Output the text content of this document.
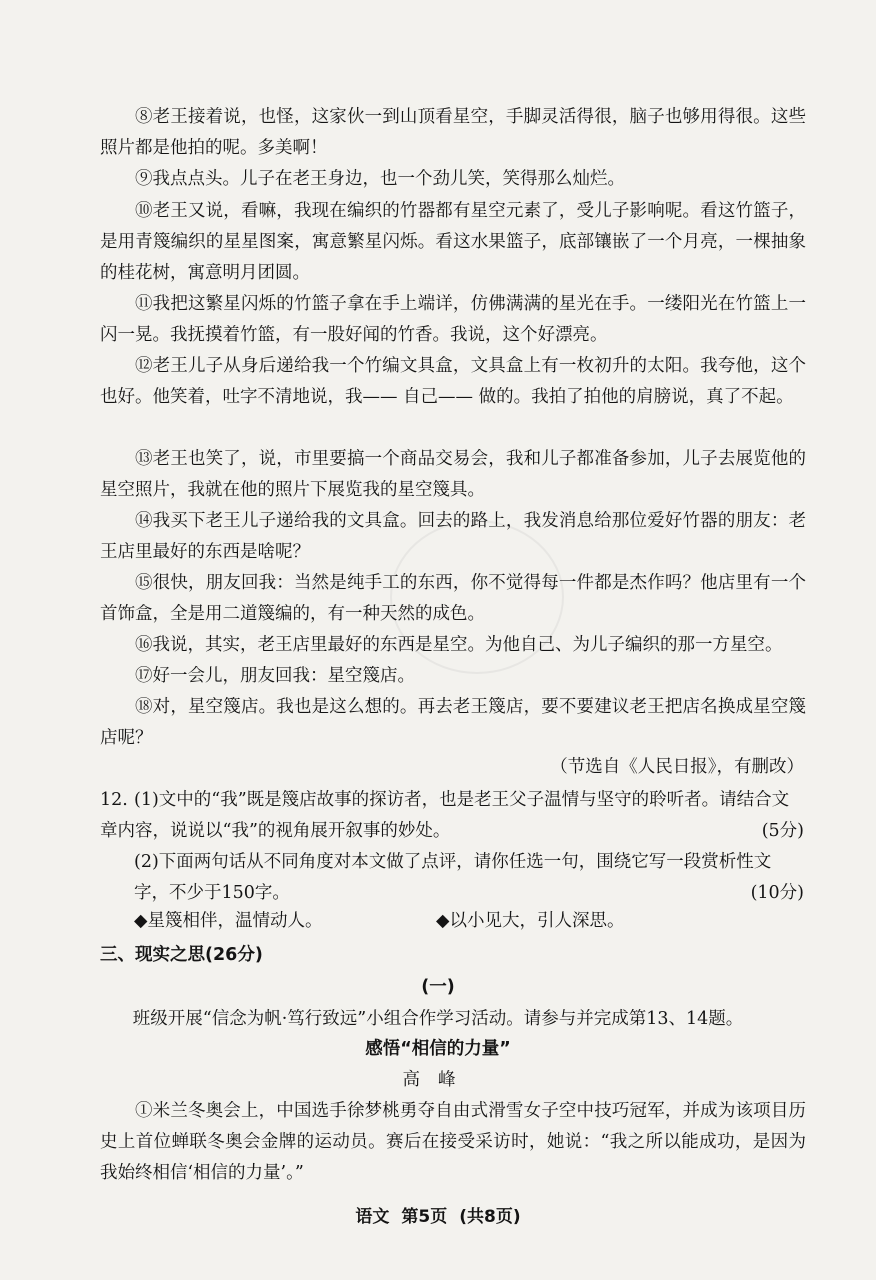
⑧老王接着说，也怪，这家伙一到山顶看星空，手脚灵活得很，脑子也够用得很。这些照片都是他拍的呢。多美啊！

⑨我点点头。儿子在老王身边，也一个劲儿笑，笑得那么灿烂。

⑩老王又说，看嘛，我现在编织的竹器都有星空元素了，受儿子影响呢。看这竹篮子，是用青篾编织的星星图案，寓意繁星闪烁。看这水果篮子，底部镶嵌了一个月亮，一棵抽象的桂花树，寓意明月团圆。

⑪我把这繁星闪烁的竹篮子拿在手上端详，仿佛满满的星光在手。一缕阳光在竹篮上一闪一晃。我抚摸着竹篮，有一股好闻的竹香。我说，这个好漂亮。

⑫老王儿子从身后递给我一个竹编文具盒，文具盒上有一枚初升的太阳。我夸他，这个也好。他笑着，吐字不清地说，我—— 自己—— 做的。我拍了拍他的肩膀说，真了不起。

⑬老王也笑了，说，市里要搞一个商品交易会，我和儿子都准备参加，儿子去展览他的星空照片，我就在他的照片下展览我的星空篾具。

⑭我买下老王儿子递给我的文具盒。回去的路上，我发消息给那位爱好竹器的朋友：老王店里最好的东西是啥呢？

⑮很快，朋友回我：当然是纯手工的东西，你不觉得每一件都是杰作吗？他店里有一个首饰盒，全是用二道篾编的，有一种天然的成色。

⑯我说，其实，老王店里最好的东西是星空。为他自己、为儿子编织的那一方星空。

⑰好一会儿，朋友回我：星空篾店。

⑱对，星空篾店。我也是这么想的。再去老王篾店，要不要建议老王把店名换成星空篾店呢？

（节选自《人民日报》，有删改）
12. (1)文中的“我”既是篾店故事的探访者，也是老王父子温情与坚守的聆听者。请结合文章内容，说说以“我”的视角展开叙事的妙处。	(5分)

(2)下面两句话从不同角度对本文做了点评，请你任选一句，围绕它写一段赏析性文

字，不少于150字。	(10分)
◆星篾相伴，温情动人。	◆以小见大，引人深思。
三、现实之思(26分)
(一)
班级开展“信念为帆·笃行致远”小组合作学习活动。请参与并完成第13、14题。
感悟“相信的力量”
高峰

①米兰冬奥会上，中国选手徐梦桃勇夺自由式滑雪女子空中技巧冠军，并成为该项目历史上首位蝉联冬奥会金牌的运动员。赛后在接受采访时，她说：“我之所以能成功，是因为我始终相信‘相信的力量’。”

语文 第5页 (共8页)
